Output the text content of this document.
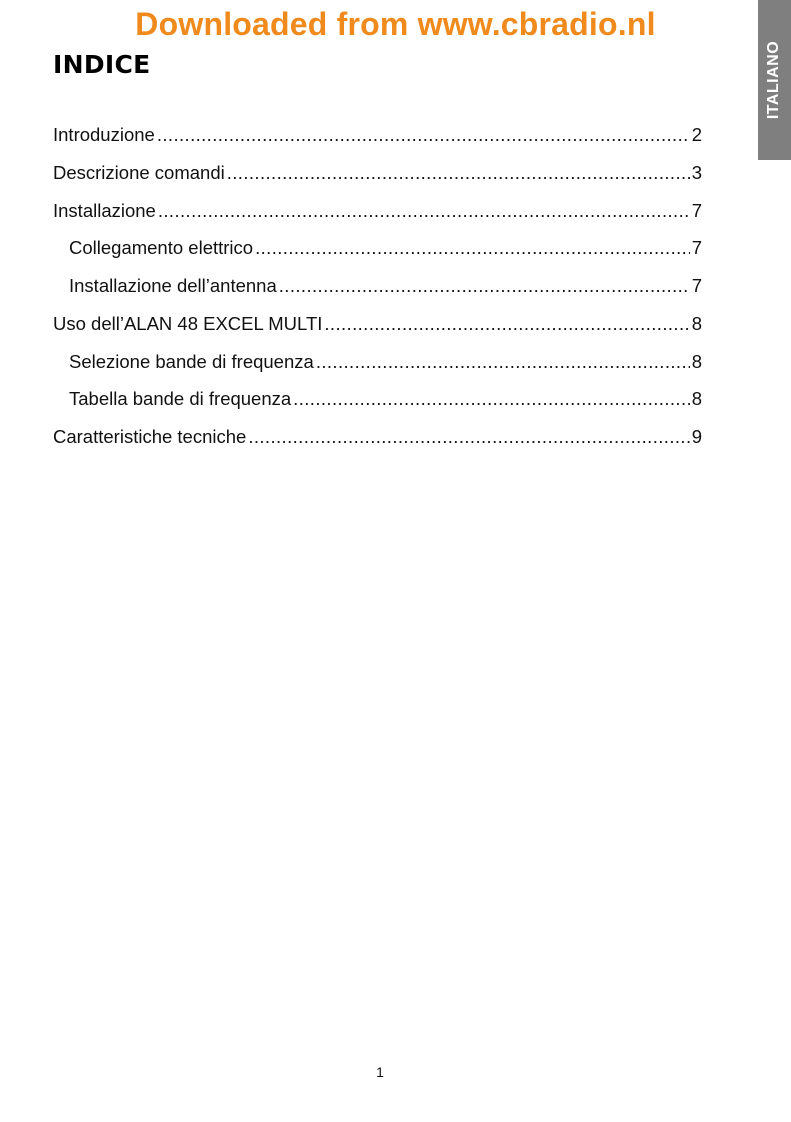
Downloaded from www.cbradio.nl
ITALIANO
INDICE
Introduzione .....	2
Descrizione comandi .....	3
Installazione .....	7
Collegamento elettrico .....	7
Installazione dell’antenna .....	7
Uso dell’ALAN 48 EXCEL MULTI .....	8
Selezione bande di frequenza .....	8
Tabella bande di frequenza .....	8
Caratteristiche tecniche .....	9
1
